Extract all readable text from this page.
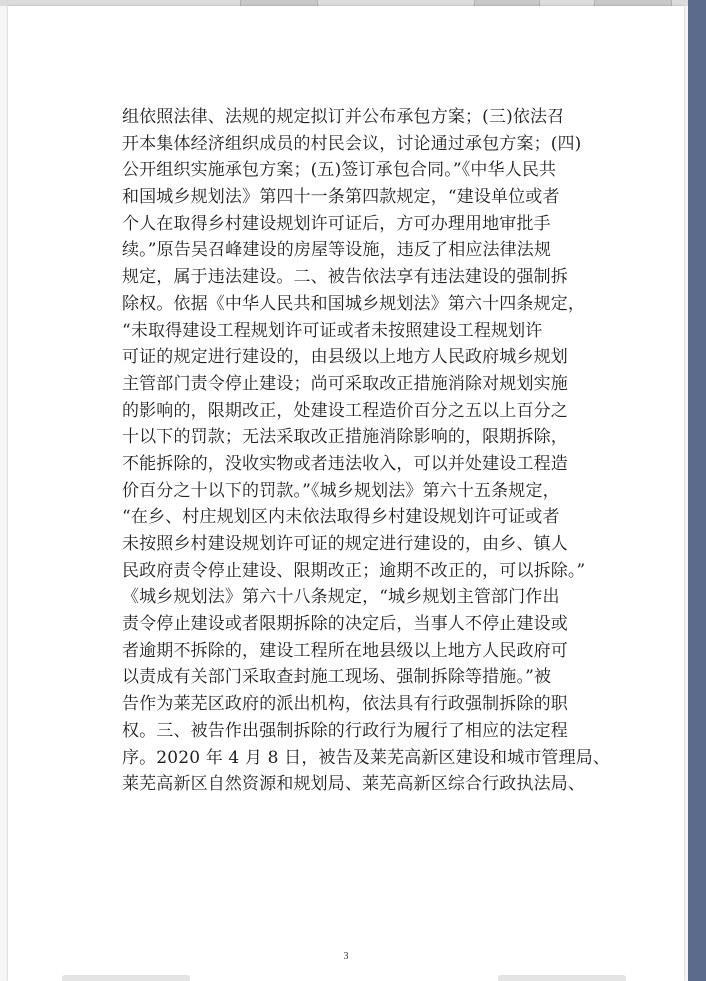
组依照法律、法规的规定拟订并公布承包方案；(三)依法召
开本集体经济组织成员的村民会议，讨论通过承包方案；(四)
公开组织实施承包方案；(五)签订承包合同。”《中华人民共
和国城乡规划法》第四十一条第四款规定，“建设单位或者
个人在取得乡村建设规划许可证后，方可办理用地审批手
续。”原告吴召峰建设的房屋等设施，违反了相应法律法规
规定，属于违法建设。二、被告依法享有违法建设的强制拆
除权。依据《中华人民共和国城乡规划法》第六十四条规定，
“未取得建设工程规划许可证或者未按照建设工程规划许
可证的规定进行建设的，由县级以上地方人民政府城乡规划
主管部门责令停止建设；尚可采取改正措施消除对规划实施
的影响的，限期改正，处建设工程造价百分之五以上百分之
十以下的罚款；无法采取改正措施消除影响的，限期拆除，
不能拆除的，没收实物或者违法收入，可以并处建设工程造
价百分之十以下的罚款。”《城乡规划法》第六十五条规定，
“在乡、村庄规划区内未依法取得乡村建设规划许可证或者
未按照乡村建设规划许可证的规定进行建设的，由乡、镇人
民政府责令停止建设、限期改正；逾期不改正的，可以拆除。”
《城乡规划法》第六十八条规定，“城乡规划主管部门作出
责令停止建设或者限期拆除的决定后，当事人不停止建设或
者逾期不拆除的，建设工程所在地县级以上地方人民政府可
以责成有关部门采取查封施工现场、强制拆除等措施。”被
告作为莱芜区政府的派出机构，依法具有行政强制拆除的职
权。三、被告作出强制拆除的行政行为履行了相应的法定程
序。2020 年 4 月 8 日，被告及莱芜高新区建设和城市管理局、
莱芜高新区自然资源和规划局、莱芜高新区综合行政执法局、
3
